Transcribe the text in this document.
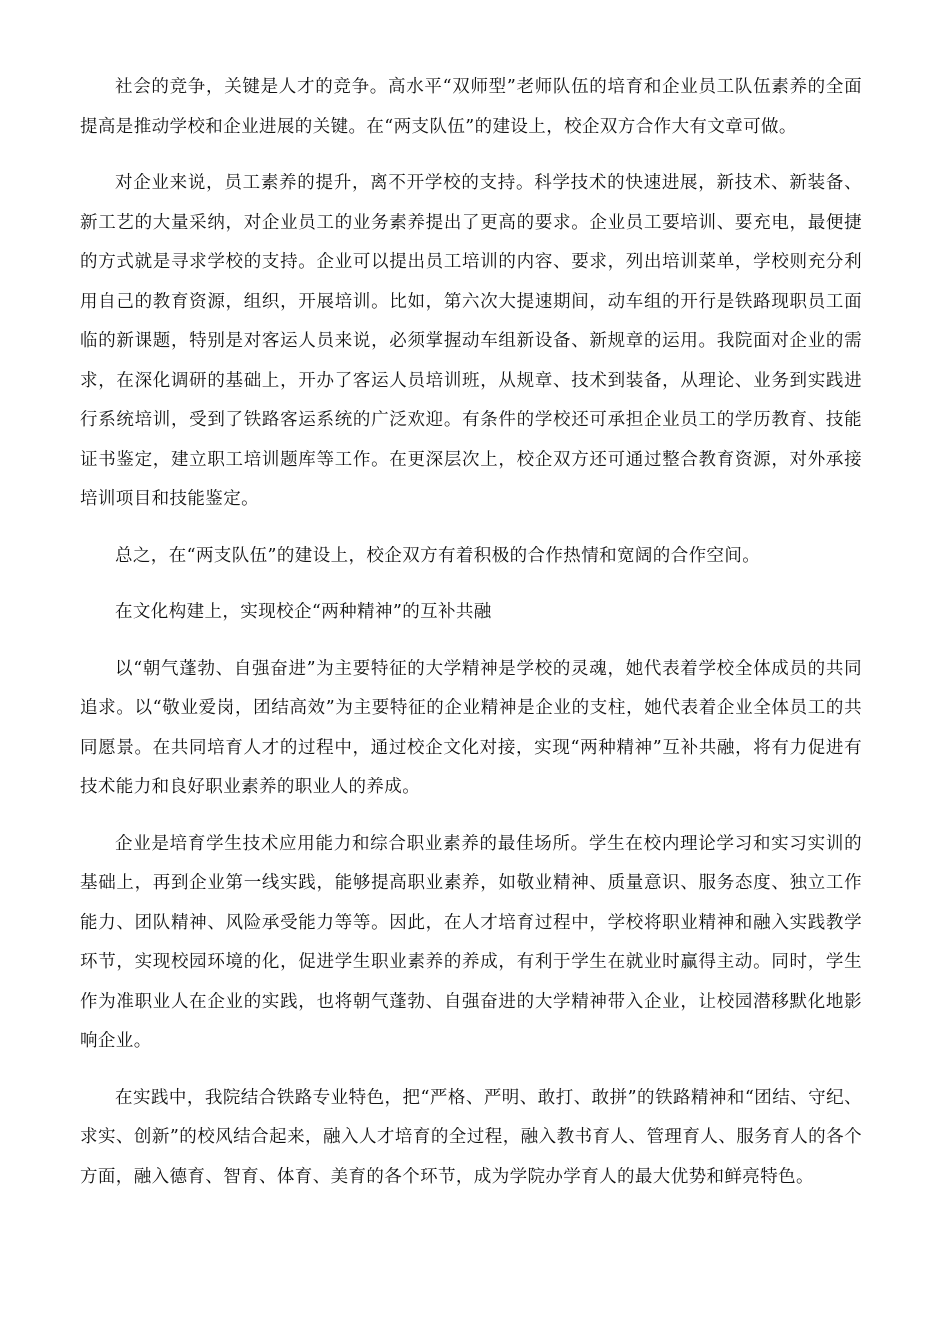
社会的竞争，关键是人才的竞争。高水平“双师型”老师队伍的培育和企业员工队伍素养的全面提高是推动学校和企业进展的关键。在“两支队伍”的建设上，校企双方合作大有文章可做。

对企业来说，员工素养的提升，离不开学校的支持。科学技术的快速进展，新技术、新装备、新工艺的大量采纳，对企业员工的业务素养提出了更高的要求。企业员工要培训、要充电，最便捷的方式就是寻求学校的支持。企业可以提出员工培训的内容、要求，列出培训菜单，学校则充分利用自己的教育资源，组织，开展培训。比如，第六次大提速期间，动车组的开行是铁路现职员工面临的新课题，特别是对客运人员来说，必须掌握动车组新设备、新规章的运用。我院面对企业的需求，在深化调研的基础上，开办了客运人员培训班，从规章、技术到装备，从理论、业务到实践进行系统培训，受到了铁路客运系统的广泛欢迎。有条件的学校还可承担企业员工的学历教育、技能证书鉴定，建立职工培训题库等工作。在更深层次上，校企双方还可通过整合教育资源，对外承接培训项目和技能鉴定。

总之，在“两支队伍”的建设上，校企双方有着积极的合作热情和宽阔的合作空间。

在文化构建上，实现校企“两种精神”的互补共融

以“朝气蓬勃、自强奋进”为主要特征的大学精神是学校的灵魂，她代表着学校全体成员的共同追求。以“敬业爱岗，团结高效”为主要特征的企业精神是企业的支柱，她代表着企业全体员工的共同愿景。在共同培育人才的过程中，通过校企文化对接，实现“两种精神”互补共融，将有力促进有技术能力和良好职业素养的职业人的养成。

企业是培育学生技术应用能力和综合职业素养的最佳场所。学生在校内理论学习和实习实训的基础上，再到企业第一线实践，能够提高职业素养，如敬业精神、质量意识、服务态度、独立工作能力、团队精神、风险承受能力等等。因此，在人才培育过程中，学校将职业精神和融入实践教学环节，实现校园环境的化，促进学生职业素养的养成，有利于学生在就业时赢得主动。同时，学生作为准职业人在企业的实践，也将朝气蓬勃、自强奋进的大学精神带入企业，让校园潜移默化地影响企业。

在实践中，我院结合铁路专业特色，把“严格、严明、敢打、敢拼”的铁路精神和“团结、守纪、求实、创新”的校风结合起来，融入人才培育的全过程，融入教书育人、管理育人、服务育人的各个方面，融入德育、智育、体育、美育的各个环节，成为学院办学育人的最大优势和鲜亮特色。
